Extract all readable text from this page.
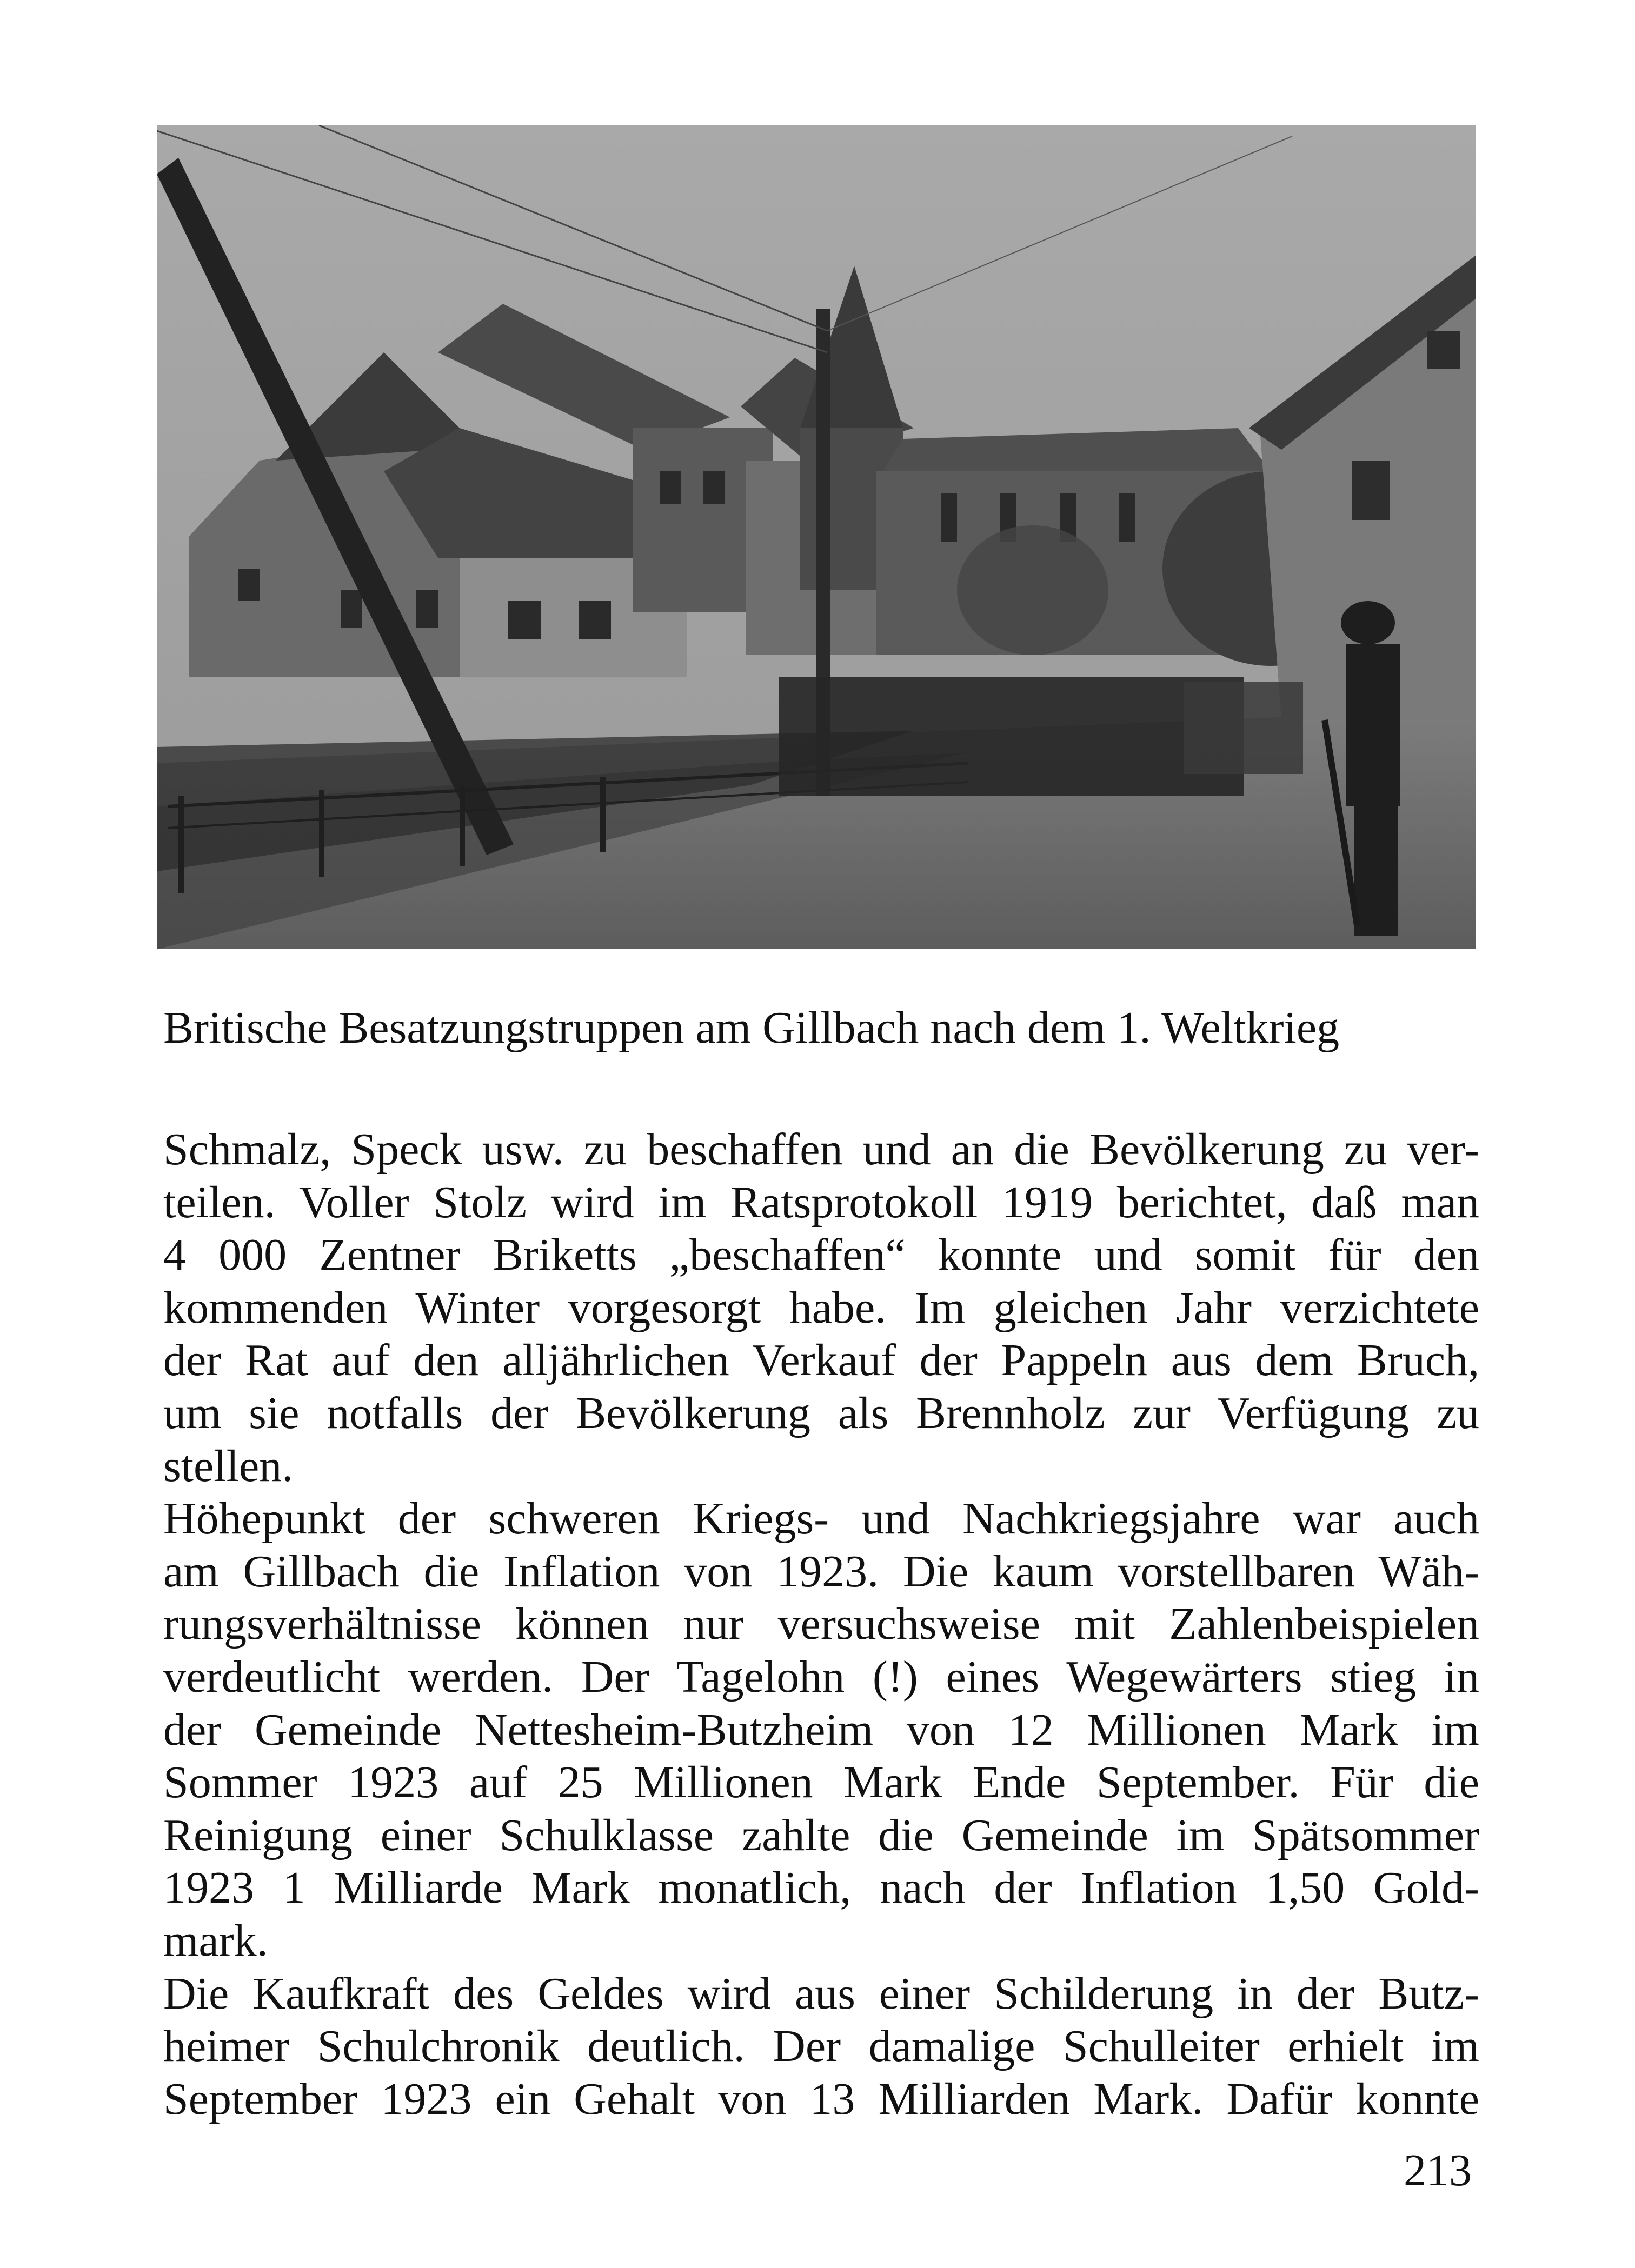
Britische Besatzungstruppen am Gillbach nach dem 1. Weltkrieg

Schmalz, Speck usw. zu beschaffen und an die Bevölkerung zu ver-
teilen. Voller Stolz wird im Ratsprotokoll 1919 berichtet, daß man
4 000 Zentner Briketts „beschaffen“ konnte und somit für den
kommenden Winter vorgesorgt habe. Im gleichen Jahr verzichtete
der Rat auf den alljährlichen Verkauf der Pappeln aus dem Bruch,
um sie notfalls der Bevölkerung als Brennholz zur Verfügung zu
stellen.
Höhepunkt der schweren Kriegs- und Nachkriegsjahre war auch
am Gillbach die Inflation von 1923. Die kaum vorstellbaren Wäh-
rungsverhältnisse können nur versuchsweise mit Zahlenbeispielen
verdeutlicht werden. Der Tagelohn (!) eines Wegewärters stieg in
der Gemeinde Nettesheim-Butzheim von 12 Millionen Mark im
Sommer 1923 auf 25 Millionen Mark Ende September. Für die
Reinigung einer Schulklasse zahlte die Gemeinde im Spätsommer
1923 1 Milliarde Mark monatlich, nach der Inflation 1,50 Gold-
mark.
Die Kaufkraft des Geldes wird aus einer Schilderung in der Butz-
heimer Schulchronik deutlich. Der damalige Schulleiter erhielt im
September 1923 ein Gehalt von 13 Milliarden Mark. Dafür konnte

213
